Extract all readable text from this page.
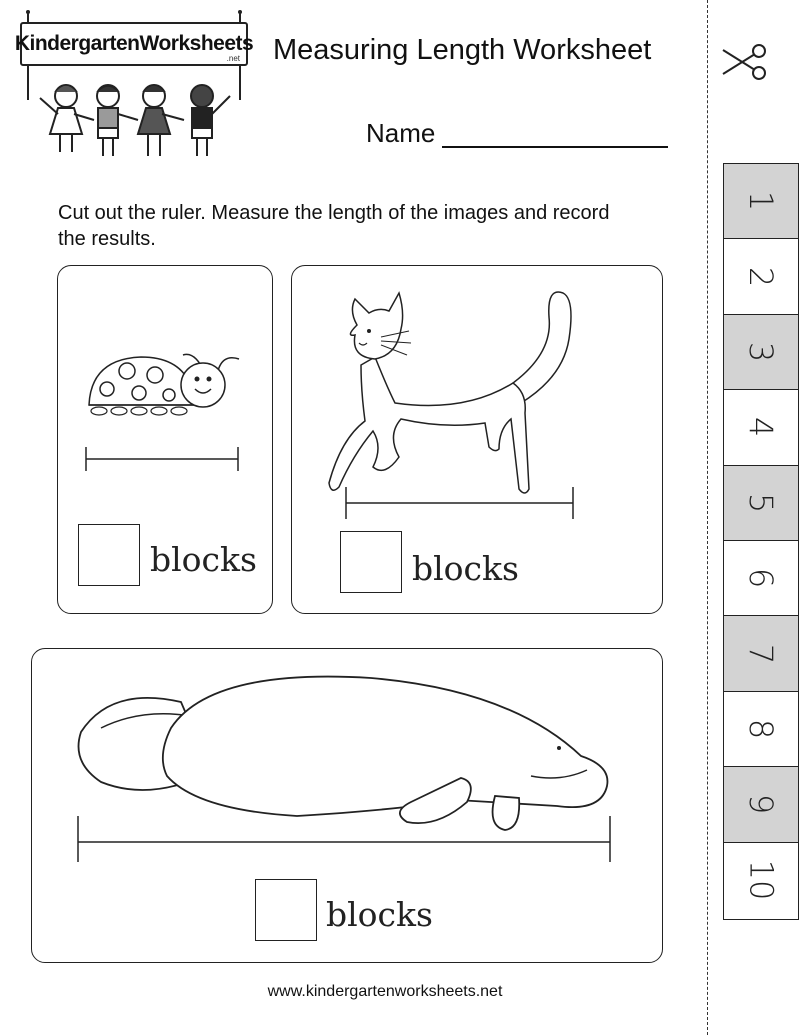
KindergartenWorksheets
.net Measuring Length Worksheet
Name
Cut out the ruler. Measure the length of the images and record the results.
blocks	blocks
blocks
www.kindergartenworksheets.net
1
2
3
4
5
6
7
8
9
10
